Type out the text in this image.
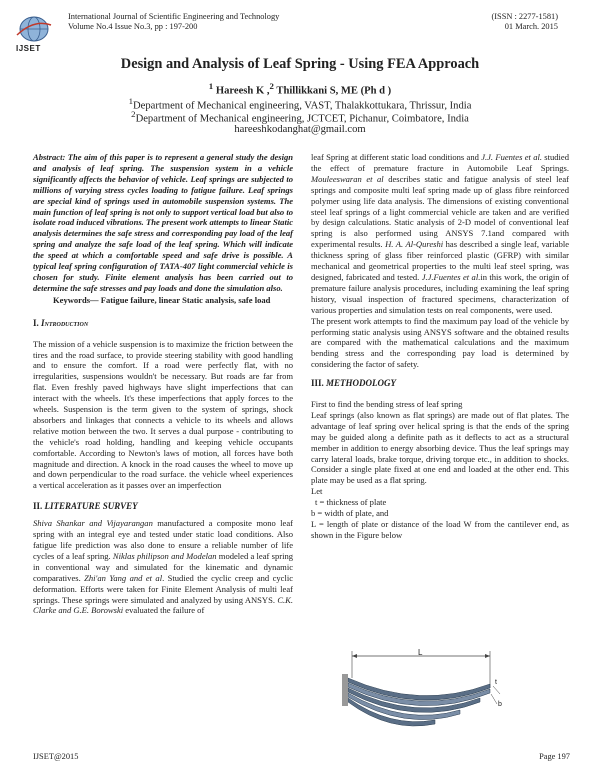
IJSET
International Journal of Scientific Engineering and Technology
Volume No.4 Issue No.3, pp : 197-200
(ISSN : 2277-1581)
01 March. 2015
Design and Analysis of Leaf Spring - Using FEA Approach
$^1$ Hareesh K ,$^2$ Thillikkani S, ME (Ph d )
$^1$Department of Mechanical engineering, VAST, Thalakkottukara, Thrissur, India
$^2$Department of Mechanical engineering, JCTCET, Pichanur, Coimbatore, India
hareeshkodanghat@gmail.com

Abstract: The aim of this paper is to represent a general study the design and analysis of leaf spring. The suspension system in a vehicle significantly affects the behavior of vehicle. Leaf springs are subjected to millions of varying stress cycles loading to fatigue failure. Leaf springs are special kind of springs used in automobile suspension systems. The main function of leaf spring is not only to support vertical load but also to isolate road induced vibrations. The present work attempts to linear Static analysis determines the safe stress and corresponding pay load of the leaf spring and analyze the safe load of the leaf spring. Which will indicate the speed at which a comfortable speed and safe drive is possible. A typical leaf spring configuration of TATA-407 light commercial vehicle is chosen for study. Finite element analysis has been carried out to determine the safe stresses and pay loads and done the simulation also.

Keywords— Fatigue failure, linear Static analysis, safe load

I. Introduction

The mission of a vehicle suspension is to maximize the friction between the tires and the road surface, to provide steering stability with good handling and to ensure the comfort. If a road were perfectly flat, with no irregularities, suspensions wouldn't be necessary. But roads are far from flat. Even freshly paved highways have slight imperfections that can interact with the wheels. It's these imperfections that apply forces to the wheels. Suspension is the term given to the system of springs, shock absorbers and linkages that connects a vehicle to its wheels and allows relative motion between the two. It serves a dual purpose - contributing to the vehicle's road holding, handling and keeping vehicle occupants comfortable. According to Newton's laws of motion, all forces have both magnitude and direction. A knock in the road causes the wheel to move up and down perpendicular to the road surface. the vehicle wheel experiences a vertical acceleration as it passes over an imperfection

II. LITERATURE SURVEY

Shiva Shankar and Vijayarangan manufactured a composite mono leaf spring with an integral eye and tested under static load conditions. Also fatigue life prediction was also done to ensure a reliable number of life cycles of a leaf spring. Niklas philipson and Modelan modeled a leaf spring in conventional way and simulated for the kinematic and dynamic comparatives. Zhi'an Yang and et al. Studied the cyclic creep and cyclic deformation. Efforts were taken for Finite Element Analysis of multi leaf springs. These springs were simulated and analyzed by using ANSYS. C.K. Clarke and G.E. Borowski evaluated the failure of

leaf Spring at different static load conditions and J.J. Fuentes et al. studied the effect of premature fracture in Automobile Leaf Springs. Mouleeswaran et al describes static and fatigue analysis of steel leaf springs and composite multi leaf spring made up of glass fibre reinforced polymer using life data analysis. The dimensions of existing conventional steel leaf springs of a light commercial vehicle are taken and are verified by design calculations. Static analysis of 2-D model of conventional leaf spring is also performed using ANSYS 7.1and compared with experimental results. H. A. Al-Qureshi has described a single leaf, variable thickness spring of glass fiber reinforced plastic (GFRP) with similar mechanical and geometrical properties to the multi leaf steel spring, was designed, fabricated and tested. J.J.Fuentes et al.in this work, the origin of premature failure analysis procedures, including examining the leaf spring history, visual inspection of fractured specimens, characterization of various properties and simulation tests on real components, were used.

The present work attempts to find the maximum pay load of the vehicle by performing static analysis using ANSYS software and the obtained results are compared with the mathematical calculations and the maximum bending stress and the corresponding pay load is determined by considering the factor of safety.

III. METHODOLOGY

First to find the bending stress of leaf spring

Leaf springs (also known as flat springs) are made out of flat plates. The advantage of leaf spring over helical spring is that the ends of the spring may be guided along a definite path as it deflects to act as a structural member in addition to energy absorbing device. Thus the leaf springs may carry lateral loads, brake torque, driving torque etc., in addition to shocks. Consider a single plate fixed at one end and loaded at the other end. This plate may be used as a flat spring.

Let

t = thickness of plate

b = width of plate, and

L = length of plate or distance of the load W from the cantilever end, as shown in the Figure below

L
t
b
IJSET@2015	Page 197
